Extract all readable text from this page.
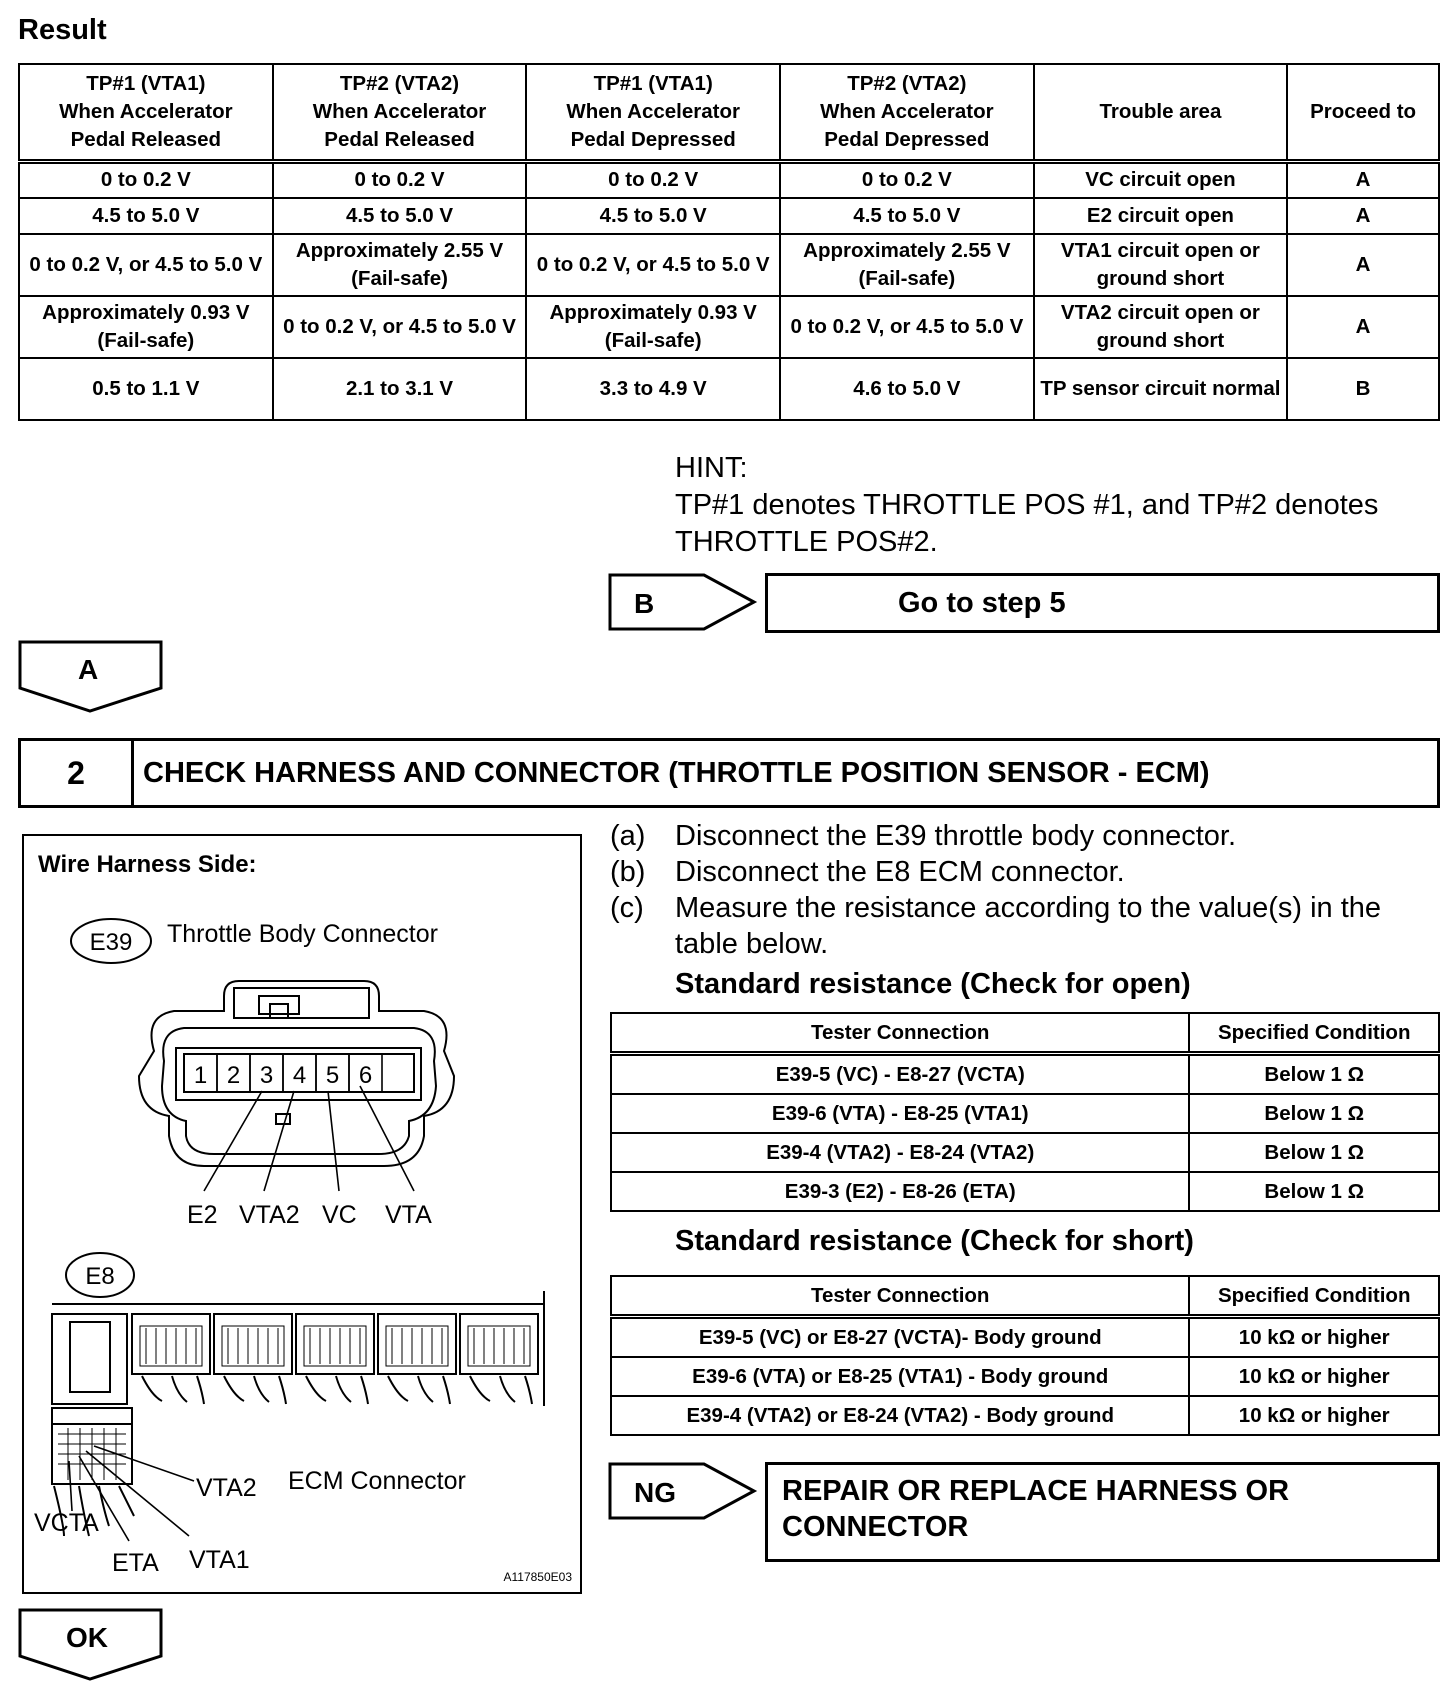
Result
TP#1 (VTA1)
When Accelerator
Pedal Released	TP#2 (VTA2)
When Accelerator
Pedal Released	TP#1 (VTA1)
When Accelerator
Pedal Depressed	TP#2 (VTA2)
When Accelerator
Pedal Depressed	Trouble area	Proceed to
0 to 0.2 V	0 to 0.2 V	0 to 0.2 V	0 to 0.2 V	VC circuit open	A
4.5 to 5.0 V	4.5 to 5.0 V	4.5 to 5.0 V	4.5 to 5.0 V	E2 circuit open	A
0 to 0.2 V, or 4.5 to 5.0 V	Approximately 2.55 V (Fail-safe)	0 to 0.2 V, or 4.5 to 5.0 V	Approximately 2.55 V (Fail-safe)	VTA1 circuit open or ground short	A
Approximately 0.93 V (Fail-safe)	0 to 0.2 V, or 4.5 to 5.0 V	Approximately 0.93 V (Fail-safe)	0 to 0.2 V, or 4.5 to 5.0 V	VTA2 circuit open or ground short	A
0.5 to 1.1 V	2.1 to 3.1 V	3.3 to 4.9 V	4.6 to 5.0 V	TP sensor circuit normal	B
HINT:
TP#1 denotes THROTTLE POS #1, and TP#2 denotes THROTTLE POS#2.
B	Go to step 5
A
2	CHECK HARNESS AND CONNECTOR (THROTTLE POSITION SENSOR - ECM)
Wire Harness Side:
E39 Throttle Body Connector
1 2 3 4 5 6
E2 VTA2 VC VTA
E8
VTA2 ECM Connector
VCTA
ETA VTA1
A117850E03
(a)	Disconnect the E39 throttle body connector.
(b)	Disconnect the E8 ECM connector.
(c)	Measure the resistance according to the value(s) in the table below.
Standard resistance (Check for open)
Tester Connection	Specified Condition
E39-5 (VC) - E8-27 (VCTA)	Below 1 Ω
E39-6 (VTA) - E8-25 (VTA1)	Below 1 Ω
E39-4 (VTA2) - E8-24 (VTA2)	Below 1 Ω
E39-3 (E2) - E8-26 (ETA)	Below 1 Ω
Standard resistance (Check for short)
Tester Connection	Specified Condition
E39-5 (VC) or E8-27 (VCTA)- Body ground	10 kΩ or higher
E39-6 (VTA) or E8-25 (VTA1) - Body ground	10 kΩ or higher
E39-4 (VTA2) or E8-24 (VTA2) - Body ground	10 kΩ or higher
NG	REPAIR OR REPLACE HARNESS OR CONNECTOR
OK
